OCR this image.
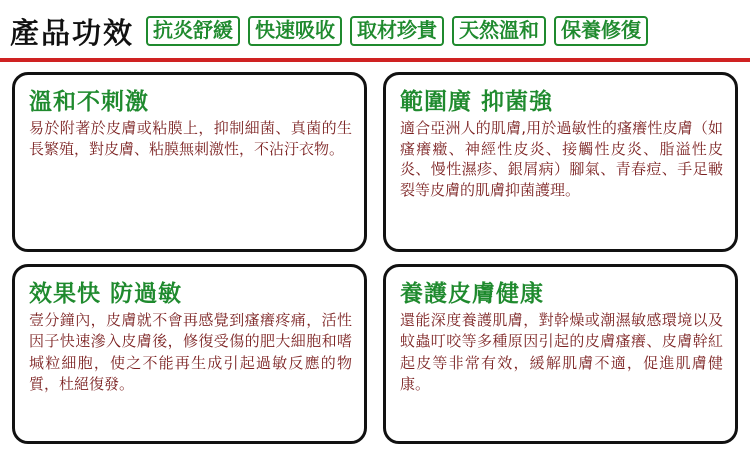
產品功效 抗炎舒緩	快速吸收	取材珍貴	天然溫和	保養修復
溫和不刺激
易於附著於皮膚或粘膜上，抑制細菌、真菌的生長繁殖，對皮膚、粘膜無刺激性，不沾汙衣物。
範圍廣 抑菌強
適合亞洲人的肌膚,用於過敏性的瘙癢性皮膚（如瘙癢癥、神經性皮炎、接觸性皮炎、脂溢性皮炎、慢性濕疹、銀屑病）腳氣、青春痘、手足皸裂等皮膚的肌膚抑菌護理。
效果快 防過敏
壹分鐘內，皮膚就不會再感覺到瘙癢疼痛，活性因子快速滲入皮膚後，修復受傷的肥大細胞和嗜堿粒細胞，使之不能再生成引起過敏反應的物質，杜絕復發。
養護皮膚健康
還能深度養護肌膚，對幹燥或潮濕敏感環境以及蚊蟲叮咬等多種原因引起的皮膚瘙癢、皮膚幹紅起皮等非常有效，緩解肌膚不適，促進肌膚健康。
